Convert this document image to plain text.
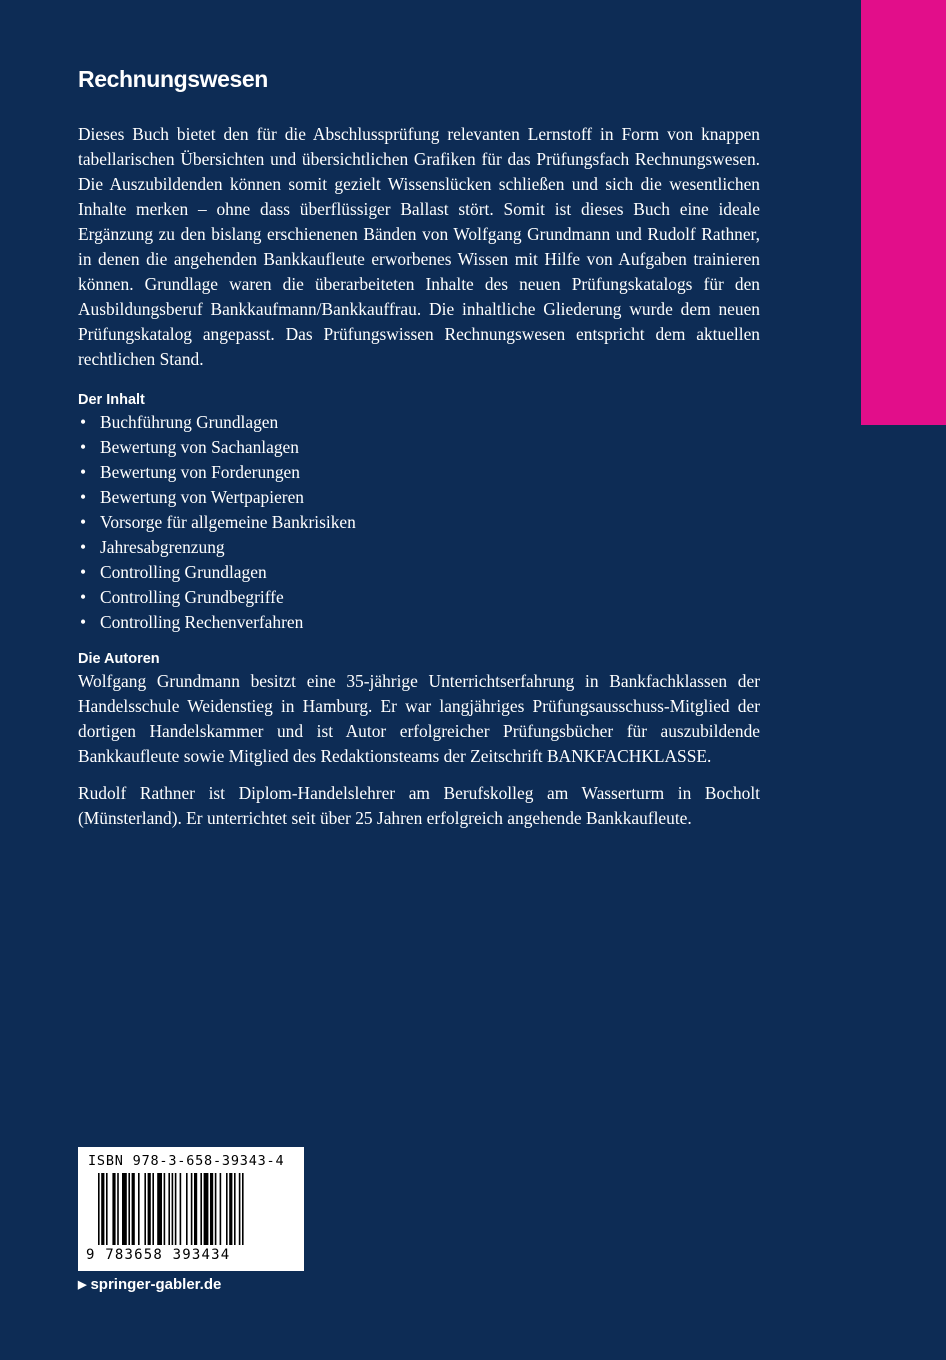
Rechnungswesen

Dieses Buch bietet den für die Abschlussprüfung relevanten Lernstoff in Form von knappen tabellarischen Übersichten und übersichtlichen Grafiken für das Prüfungsfach Rechnungswesen. Die Auszubildenden können somit gezielt Wissenslücken schließen und sich die wesentlichen Inhalte merken – ohne dass überflüssiger Ballast stört. Somit ist dieses Buch eine ideale Ergänzung zu den bislang erschienenen Bänden von Wolfgang Grundmann und Rudolf Rathner, in denen die angehenden Bankkaufleute erworbenes Wissen mit Hilfe von Aufgaben trainieren können. Grundlage waren die überarbeiteten Inhalte des neuen Prüfungskatalogs für den Ausbildungsberuf Bankkaufmann/Bankkauffrau. Die inhaltliche Gliederung wurde dem neuen Prüfungskatalog angepasst. Das Prüfungswissen Rechnungswesen entspricht dem aktuellen rechtlichen Stand.

Der Inhalt
• Buchführung Grundlagen
• Bewertung von Sachanlagen
• Bewertung von Forderungen
• Bewertung von Wertpapieren
• Vorsorge für allgemeine Bankrisiken
• Jahresabgrenzung
• Controlling Grundlagen
• Controlling Grundbegriffe
• Controlling Rechenverfahren
Die Autoren

Wolfgang Grundmann besitzt eine 35-jährige Unterrichtserfahrung in Bankfachklassen der Handelsschule Weidenstieg in Hamburg. Er war langjähriges Prüfungsausschuss-Mitglied der dortigen Handelskammer und ist Autor erfolgreicher Prüfungsbücher für auszubildende Bankkaufleute sowie Mitglied des Redaktionsteams der Zeitschrift BANKFACHKLASSE.

Rudolf Rathner ist Diplom-Handelslehrer am Berufskolleg am Wasserturm in Bocholt (Münsterland). Er unterrichtet seit über 25 Jahren erfolgreich angehende Bankkaufleute.

ISBN 978-3-658-39343-4
9 783658 393434
▶ springer-gabler.de
